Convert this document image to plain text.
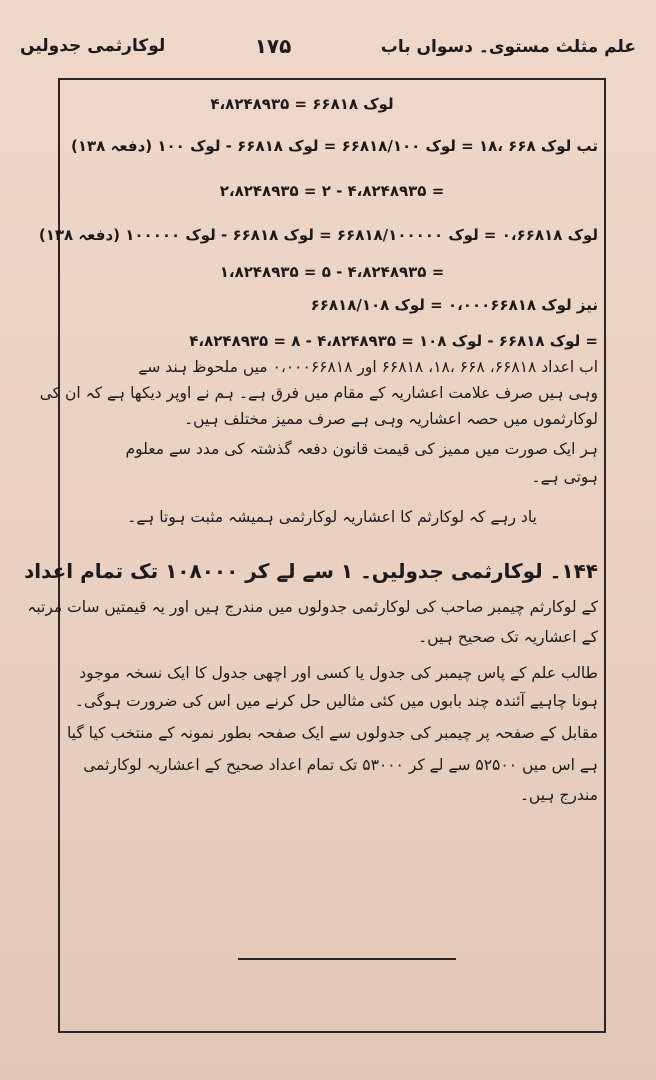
علم مثلث مستوی۔ دسواں باب
۱۷۵
لوکارثمی جدولیں
لوک ۶۶۸۱۸ = ۴،۸۲۴۸۹۳۵
تب لوک ۶۶۸ ،۱۸ = لوک ۶۶۸۱۸/۱۰۰ = لوک ۶۶۸۱۸ - لوک ۱۰۰ (دفعہ ۱۳۸)
= ۴،۸۲۴۸۹۳۵ - ۲ = ۲،۸۲۴۸۹۳۵
لوک ۰،۶۶۸۱۸ = لوک ۶۶۸۱۸/۱۰۰۰۰۰ = لوک ۶۶۸۱۸ - لوک ۱۰۰۰۰۰ (دفعہ ۱۳۸)
= ۴،۸۲۴۸۹۳۵ - ۵ = ۱،۸۲۴۸۹۳۵
نیز لوک ۰،۰۰۰۶۶۸۱۸ = لوک ۶۶۸۱۸/۱۰۸
= لوک ۶۶۸۱۸ - لوک ۱۰۸ = ۴،۸۲۴۸۹۳۵ - ۸ = ۴،۸۲۴۸۹۳۵
اب اعداد ۶۶۸۱۸، ۶۶۸ ،۱۸، ۶۶۸۱۸ اور ۰،۰۰۰۶۶۸۱۸ میں ملحوظ ہند سے
وہی ہیں صرف علامت اعشاریہ کے مقام میں فرق ہے۔ ہم نے اوپر دیکھا ہے کہ ان کی
لوکارثموں میں حصہ اعشاریہ وہی ہے صرف ممیز مختلف ہیں۔
ہر ایک صورت میں ممیز کی قیمت قانون دفعہ گذشتہ کی مدد سے معلوم
ہوتی ہے۔
یاد رہے کہ لوکارثم کا اعشاریہ لوکارثمی ہمیشہ مثبت ہوتا ہے۔
۱۴۴۔ لوکارثمی جدولیں۔ ۱ سے لے کر ۱۰۸۰۰۰ تک تمام اعداد
کے لوکارثم چیمبر صاحب کی لوکارثمی جدولوں میں مندرج ہیں اور یہ قیمتیں سات مرتبہ
کے اعشاریہ تک صحیح ہیں۔
طالب علم کے پاس چیمبر کی جدول یا کسی اور اچھی جدول کا ایک نسخہ موجود
ہونا چاہیے آئندہ چند بابوں میں کئی مثالیں حل کرنے میں اس کی ضرورت ہوگی۔
مقابل کے صفحہ پر چیمبر کی جدولوں سے ایک صفحہ بطور نمونہ کے منتخب کیا گیا
ہے اس میں ۵۲۵۰۰ سے لے کر ۵۳۰۰۰ تک تمام اعداد صحیح کے اعشاریہ لوکارثمی
مندرج ہیں۔
